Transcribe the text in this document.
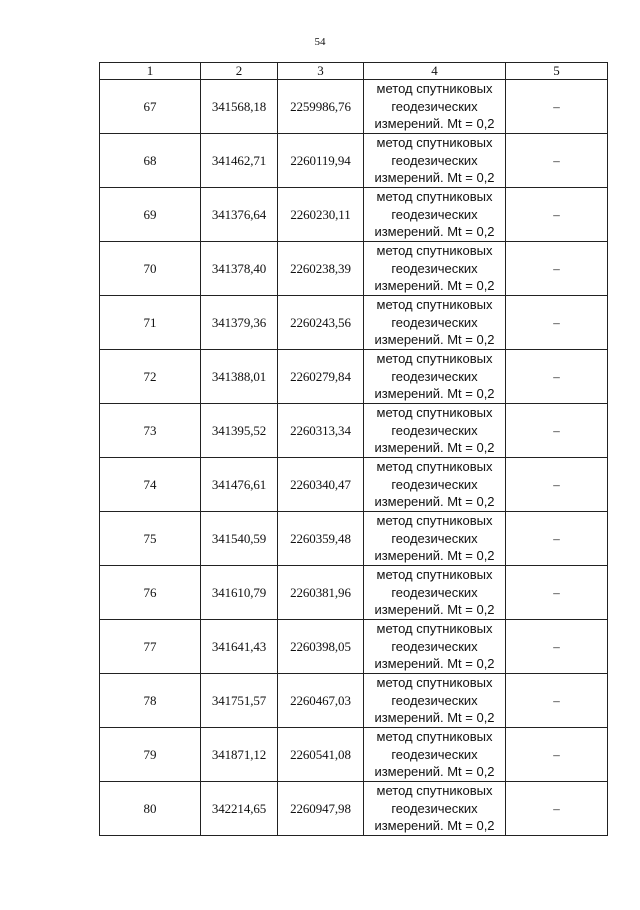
54
1	2	3	4	5
67	341568,18	2259986,76	метод спутниковых
геодезических
измерений. Mt = 0,2	–
68	341462,71	2260119,94	метод спутниковых
геодезических
измерений. Mt = 0,2	–
69	341376,64	2260230,11	метод спутниковых
геодезических
измерений. Mt = 0,2	–
70	341378,40	2260238,39	метод спутниковых
геодезических
измерений. Mt = 0,2	–
71	341379,36	2260243,56	метод спутниковых
геодезических
измерений. Mt = 0,2	–
72	341388,01	2260279,84	метод спутниковых
геодезических
измерений. Mt = 0,2	–
73	341395,52	2260313,34	метод спутниковых
геодезических
измерений. Mt = 0,2	–
74	341476,61	2260340,47	метод спутниковых
геодезических
измерений. Mt = 0,2	–
75	341540,59	2260359,48	метод спутниковых
геодезических
измерений. Mt = 0,2	–
76	341610,79	2260381,96	метод спутниковых
геодезических
измерений. Mt = 0,2	–
77	341641,43	2260398,05	метод спутниковых
геодезических
измерений. Mt = 0,2	–
78	341751,57	2260467,03	метод спутниковых
геодезических
измерений. Mt = 0,2	–
79	341871,12	2260541,08	метод спутниковых
геодезических
измерений. Mt = 0,2	–
80	342214,65	2260947,98	метод спутниковых
геодезических
измерений. Mt = 0,2	–
